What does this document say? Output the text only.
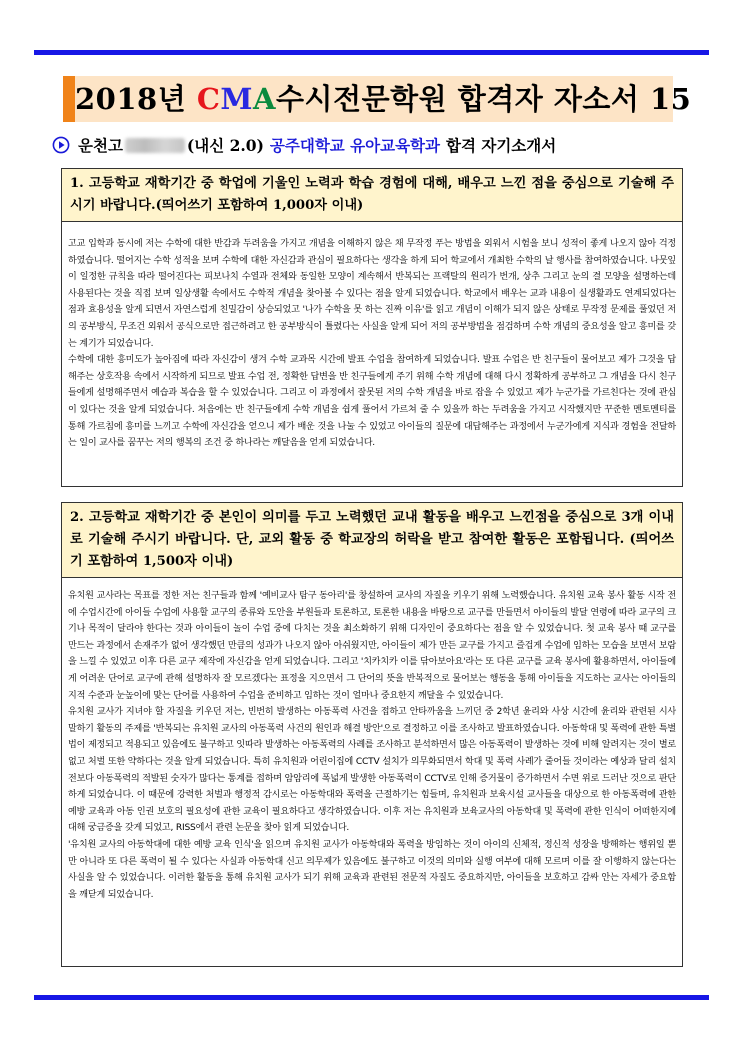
2018년 CMA수시전문학원 합격자 자소서 15
운천고	(내신 2.0) 공주대학교 유아교육학과 합격 자기소개서
1. 고등학교 재학기간 중 학업에 기울인 노력과 학습 경험에 대해, 배우고 느낀 점을 중심으로 기술해 주시기 바랍니다.(띄어쓰기 포함하여 1,000자 이내)

고교 입학과 동시에 저는 수학에 대한 반감과 두려움을 가지고 개념을 이해하지 않은 채 무작정 푸는 방법을 외워서 시험을 보니 성적이 좋게 나오지 않아 걱정하였습니다. 떨어지는 수학 성적을 보며 수학에 대한 자신감과 관심이 필요하다는 생각을 하게 되어 학교에서 개최한 수학의 날 행사를 참여하였습니다. 나뭇잎이 일정한 규칙을 따라 떨어진다는 피보나치 수열과 전체와 동일한 모양이 계속해서 반복되는 프랙탈의 원리가 번개, 상추 그리고 눈의 결 모양을 설명하는데 사용된다는 것을 직접 보며 일상생활 속에서도 수학적 개념을 찾아볼 수 있다는 점을 알게 되었습니다. 학교에서 배우는 교과 내용이 실생활과도 연계되었다는 점과 효용성을 알게 되면서 자연스럽게 친밀감이 상승되었고 '나가 수학을 못 하는 진짜 이유'를 읽고 개념이 이해가 되지 않은 상태로 무작정 문제를 풀었던 저의 공부방식, 무조건 외워서 공식으로만 접근하려고 한 공부방식이 틀렸다는 사실을 알게 되어 저의 공부방법을 점검하며 수학 개념의 중요성을 알고 흥미를 갖는 계기가 되었습니다.

수학에 대한 흥미도가 높아짐에 따라 자신감이 생겨 수학 교과목 시간에 발표 수업을 참여하게 되었습니다. 발표 수업은 반 친구들이 물어보고 제가 그것을 답해주는 상호작용 속에서 시작하게 되므로 발표 수업 전, 정확한 답변을 반 친구들에게 주기 위해 수학 개념에 대해 다시 정확하게 공부하고 그 개념을 다시 친구들에게 설명해주면서 예습과 복습을 할 수 있었습니다. 그리고 이 과정에서 잘못된 저의 수학 개념을 바로 잡을 수 있었고 제가 누군가를 가르친다는 것에 관심이 있다는 것을 알게 되었습니다. 처음에는 반 친구들에게 수학 개념을 쉽게 풀어서 가르쳐 줄 수 있을까 하는 두려움을 가지고 시작했지만 꾸준한 멘토멘티를 통해 가르침에 흥미를 느끼고 수학에 자신감을 얻으니 제가 배운 것을 나눌 수 있었고 아이들의 질문에 대답해주는 과정에서 누군가에게 지식과 경험을 전달하는 일이 교사를 꿈꾸는 저의 행복의 조건 중 하나라는 깨달음을 얻게 되었습니다.

2. 고등학교 재학기간 중 본인이 의미를 두고 노력했던 교내 활동을 배우고 느낀점을 중심으로 3개 이내로 기술해 주시기 바랍니다. 단, 교외 활동 중 학교장의 허락을 받고 참여한 활동은 포함됩니다. (띄어쓰기 포함하여 1,500자 이내)

유치원 교사라는 목표를 정한 저는 친구들과 함께 '예비교사 탐구 동아리'를 창설하여 교사의 자질을 키우기 위해 노력했습니다. 유치원 교육 봉사 활동 시작 전에 수업시간에 아이들 수업에 사용할 교구의 종류와 도안을 부원들과 토론하고, 토론한 내용을 바탕으로 교구를 만들면서 아이들의 발달 연령에 따라 교구의 크기나 목적이 달라야 한다는 것과 아이들이 놀이 수업 중에 다치는 것을 최소화하기 위해 디자인이 중요하다는 점을 알 수 있었습니다. 첫 교육 봉사 때 교구를 만드는 과정에서 손재주가 없어 생각했던 만큼의 성과가 나오지 않아 아쉬웠지만, 아이들이 제가 만든 교구를 가지고 즐겁게 수업에 임하는 모습을 보면서 보람을 느낄 수 있었고 이후 다른 교구 제작에 자신감을 얻게 되었습니다. 그리고 '치카치카 이를 닦아보아요'라는 또 다른 교구를 교육 봉사에 활용하면서, 아이들에게 어려운 단어로 교구에 관해 설명하자 잘 모르겠다는 표정을 지으면서 그 단어의 뜻을 반복적으로 물어보는 행동을 통해 아이들을 지도하는 교사는 아이들의 지적 수준과 눈높이에 맞는 단어를 사용하여 수업을 준비하고 임하는 것이 얼마나 중요한지 깨달을 수 있었습니다.

유치원 교사가 지녀야 할 자질을 키우던 저는, 빈번히 발생하는 아동폭력 사건을 접하고 안타까움을 느끼던 중 2학년 윤리와 사상 시간에 윤리와 관련된 시사 말하기 활동의 주제를 '반복되는 유치원 교사의 아동폭력 사건의 원인과 해결 방안'으로 결정하고 이를 조사하고 발표하였습니다. 아동학대 및 폭력에 관한 특별법이 제정되고 적용되고 있음에도 불구하고 잇따라 발생하는 아동폭력의 사례를 조사하고 분석하면서 많은 아동폭력이 발생하는 것에 비해 알려지는 것이 별로 없고 처벌 또한 약하다는 것을 알게 되었습니다. 특히 유치원과 어린이집에 CCTV 설치가 의무화되면서 학대 및 폭력 사례가 줄어들 것이라는 예상과 달리 설치 전보다 아동폭력의 적발된 숫자가 많다는 통계를 접하며 암암리에 폭넓게 발생한 아동폭력이 CCTV로 인해 증거물이 증가하면서 수면 위로 드러난 것으로 판단하게 되었습니다. 이 때문에 강력한 처벌과 행정적 감시로는 아동학대와 폭력을 근절하기는 힘들며, 유치원과 보육시설 교사들을 대상으로 한 아동폭력에 관한 예방 교육과 아동 인권 보호의 필요성에 관한 교육이 필요하다고 생각하였습니다. 이후 저는 유치원과 보육교사의 아동학대 및 폭력에 관한 인식이 어떠한지에 대해 궁금증을 갖게 되었고, RISS에서 관련 논문을 찾아 읽게 되었습니다.

'유치원 교사의 아동학대에 대한 예방 교육 인식'을 읽으며 유치원 교사가 아동학대와 폭력을 방임하는 것이 아이의 신체적, 정신적 성장을 방해하는 행위일 뿐만 아니라 또 다른 폭력이 될 수 있다는 사실과 아동학대 신고 의무제가 있음에도 불구하고 이것의 의미와 실행 여부에 대해 모르며 이를 잘 이행하지 않는다는 사실을 알 수 있었습니다. 이러한 활동을 통해 유치원 교사가 되기 위해 교육과 관련된 전문적 자질도 중요하지만, 아이들을 보호하고 감싸 안는 자세가 중요함을 깨닫게 되었습니다.
